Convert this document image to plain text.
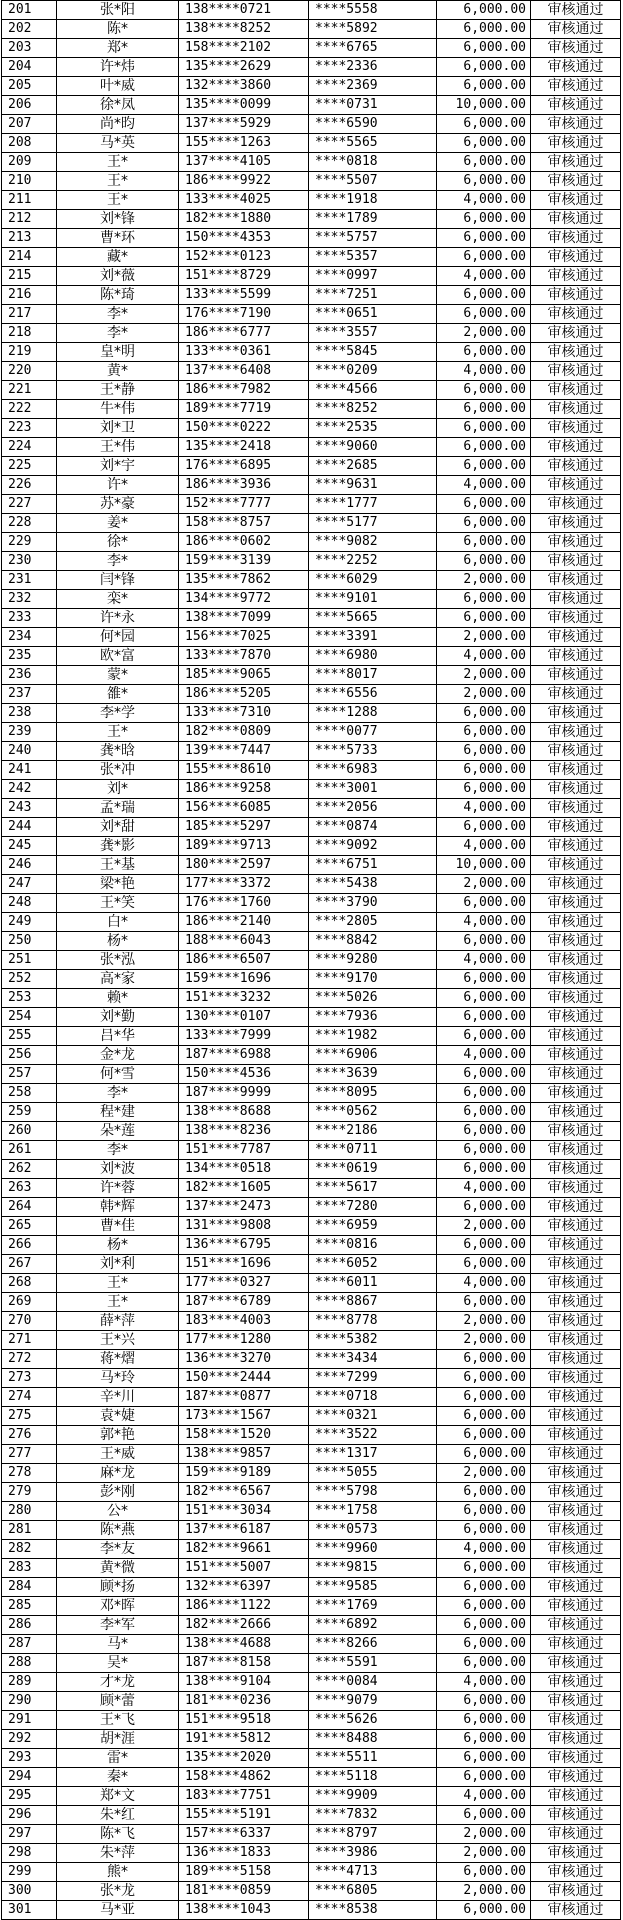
201	张*阳	138****0721	****5558	6,000.00	审核通过
202	陈*	138****8252	****5892	6,000.00	审核通过
203	郑*	158****2102	****6765	6,000.00	审核通过
204	许*炜	135****2629	****2336	6,000.00	审核通过
205	叶*威	132****3860	****2369	6,000.00	审核通过
206	徐*凤	135****0099	****0731	10,000.00	审核通过
207	尚*昀	137****5929	****6590	6,000.00	审核通过
208	马*英	155****1263	****5565	6,000.00	审核通过
209	王*	137****4105	****0818	6,000.00	审核通过
210	王*	186****9922	****5507	6,000.00	审核通过
211	王*	133****4025	****1918	4,000.00	审核通过
212	刘*锋	182****1880	****1789	6,000.00	审核通过
213	曹*环	150****4353	****5757	6,000.00	审核通过
214	藏*	152****0123	****5357	6,000.00	审核通过
215	刘*薇	151****8729	****0997	4,000.00	审核通过
216	陈*琦	133****5599	****7251	6,000.00	审核通过
217	李*	176****7190	****0651	6,000.00	审核通过
218	李*	186****6777	****3557	2,000.00	审核通过
219	皇*明	133****0361	****5845	6,000.00	审核通过
220	黄*	137****6408	****0209	4,000.00	审核通过
221	王*静	186****7982	****4566	6,000.00	审核通过
222	牛*伟	189****7719	****8252	6,000.00	审核通过
223	刘*卫	150****0222	****2535	6,000.00	审核通过
224	王*伟	135****2418	****9060	6,000.00	审核通过
225	刘*宇	176****6895	****2685	6,000.00	审核通过
226	许*	186****3936	****9631	4,000.00	审核通过
227	苏*豪	152****7777	****1777	6,000.00	审核通过
228	姜*	158****8757	****5177	6,000.00	审核通过
229	徐*	186****0602	****9082	6,000.00	审核通过
230	李*	159****3139	****2252	6,000.00	审核通过
231	闫*锋	135****7862	****6029	2,000.00	审核通过
232	栾*	134****9772	****9101	6,000.00	审核通过
233	许*永	138****7099	****5665	6,000.00	审核通过
234	何*园	156****7025	****3391	2,000.00	审核通过
235	欧*富	133****7870	****6980	4,000.00	审核通过
236	蒙*	185****9065	****8017	2,000.00	审核通过
237	雒*	186****5205	****6556	2,000.00	审核通过
238	李*学	133****7310	****1288	6,000.00	审核通过
239	王*	182****0809	****0077	6,000.00	审核通过
240	龚*晗	139****7447	****5733	6,000.00	审核通过
241	张*冲	155****8610	****6983	6,000.00	审核通过
242	刘*	186****9258	****3001	6,000.00	审核通过
243	孟*瑞	156****6085	****2056	4,000.00	审核通过
244	刘*甜	185****5297	****0874	6,000.00	审核通过
245	龚*影	189****9713	****9092	4,000.00	审核通过
246	王*基	180****2597	****6751	10,000.00	审核通过
247	梁*艳	177****3372	****5438	2,000.00	审核通过
248	王*笑	176****1760	****3790	6,000.00	审核通过
249	白*	186****2140	****2805	4,000.00	审核通过
250	杨*	188****6043	****8842	6,000.00	审核通过
251	张*泓	186****6507	****9280	4,000.00	审核通过
252	高*家	159****1696	****9170	6,000.00	审核通过
253	赖*	151****3232	****5026	6,000.00	审核通过
254	刘*勤	130****0107	****7936	6,000.00	审核通过
255	吕*华	133****7999	****1982	6,000.00	审核通过
256	金*龙	187****6988	****6906	4,000.00	审核通过
257	何*雪	150****4536	****3639	6,000.00	审核通过
258	李*	187****9999	****8095	6,000.00	审核通过
259	程*建	138****8688	****0562	6,000.00	审核通过
260	朵*莲	138****8236	****2186	6,000.00	审核通过
261	李*	151****7787	****0711	6,000.00	审核通过
262	刘*波	134****0518	****0619	6,000.00	审核通过
263	许*蓉	182****1605	****5617	4,000.00	审核通过
264	韩*辉	137****2473	****7280	6,000.00	审核通过
265	曹*佳	131****9808	****6959	2,000.00	审核通过
266	杨*	136****6795	****0816	6,000.00	审核通过
267	刘*利	151****1696	****6052	6,000.00	审核通过
268	王*	177****0327	****6011	4,000.00	审核通过
269	王*	187****6789	****8867	6,000.00	审核通过
270	薛*萍	183****4003	****8778	2,000.00	审核通过
271	王*兴	177****1280	****5382	2,000.00	审核通过
272	蒋*熠	136****3270	****3434	6,000.00	审核通过
273	马*玲	150****2444	****7299	6,000.00	审核通过
274	辛*川	187****0877	****0718	6,000.00	审核通过
275	袁*婕	173****1567	****0321	6,000.00	审核通过
276	郭*艳	158****1520	****3522	6,000.00	审核通过
277	王*威	138****9857	****1317	6,000.00	审核通过
278	麻*龙	159****9189	****5055	2,000.00	审核通过
279	彭*刚	182****6567	****5798	6,000.00	审核通过
280	公*	151****3034	****1758	6,000.00	审核通过
281	陈*燕	137****6187	****0573	6,000.00	审核通过
282	李*友	182****9661	****9960	4,000.00	审核通过
283	黄*微	151****5007	****9815	6,000.00	审核通过
284	顾*扬	132****6397	****9585	6,000.00	审核通过
285	邓*晖	186****1122	****1769	6,000.00	审核通过
286	李*军	182****2666	****6892	6,000.00	审核通过
287	马*	138****4688	****8266	6,000.00	审核通过
288	吴*	187****8158	****5591	6,000.00	审核通过
289	才*龙	138****9104	****0084	4,000.00	审核通过
290	顾*蕾	181****0236	****9079	6,000.00	审核通过
291	王*飞	151****9518	****5626	6,000.00	审核通过
292	胡*涯	191****5812	****8488	6,000.00	审核通过
293	雷*	135****2020	****5511	6,000.00	审核通过
294	秦*	158****4862	****5118	6,000.00	审核通过
295	郑*文	183****7751	****9909	4,000.00	审核通过
296	朱*红	155****5191	****7832	6,000.00	审核通过
297	陈*飞	157****6337	****8797	2,000.00	审核通过
298	朱*萍	136****1833	****3986	2,000.00	审核通过
299	熊*	189****5158	****4713	6,000.00	审核通过
300	张*龙	181****0859	****6805	2,000.00	审核通过
301	马*亚	138****1043	****8538	6,000.00	审核通过
